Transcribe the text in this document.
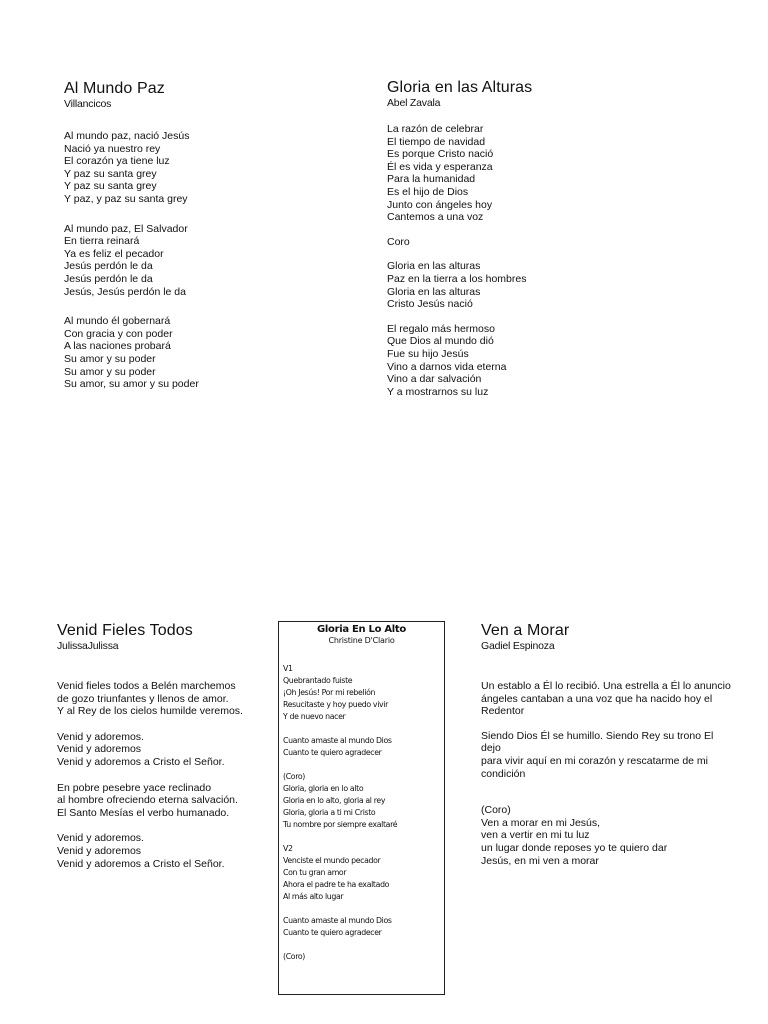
Al Mundo Paz

Villancicos

Al mundo paz, nació Jesús
Nació ya nuestro rey
El corazón ya tiene luz
Y paz su santa grey
Y paz su santa grey
Y paz, y paz su santa grey

Al mundo paz, El Salvador
En tierra reinará
Ya es feliz el pecador
Jesús perdón le da
Jesús perdón le da
Jesús, Jesús perdón le da

Al mundo él gobernará
Con gracia y con poder
A las naciones probará
Su amor y su poder
Su amor y su poder
Su amor, su amor y su poder

Gloria en las Alturas

Abel Zavala

La razón de celebrar
El tiempo de navidad
Es porque Cristo nació
Él es vida y esperanza
Para la humanidad
Es el hijo de Dios
Junto con ángeles hoy
Cantemos a una voz

Coro

Gloria en las alturas
Paz en la tierra a los hombres
Gloria en las alturas
Cristo Jesús nació

El regalo más hermoso
Que Dios al mundo dió
Fue su hijo Jesús
Vino a darnos vida eterna
Vino a dar salvación
Y a mostrarnos su luz

Venid Fieles Todos

JulissaJulissa

Venid fieles todos a Belén marchemos
de gozo triunfantes y llenos de amor.
Y al Rey de los cielos humilde veremos.

Venid y adoremos.
Venid y adoremos
Venid y adoremos a Cristo el Señor.

En pobre pesebre yace reclinado
al hombre ofreciendo eterna salvación.
El Santo Mesías el verbo humanado.

Venid y adoremos.
Venid y adoremos
Venid y adoremos a Cristo el Señor.

Gloria En Lo Alto

Christine D'Clario

V1
Quebrantado fuiste
¡Oh Jesús! Por mi rebelión
Resucitaste y hoy puedo vivir
Y de nuevo nacer

Cuanto amaste al mundo Dios
Cuanto te quiero agradecer

(Coro)
Gloria, gloria en lo alto
Gloria en lo alto, gloria al rey
Gloria, gloria a ti mi Cristo
Tu nombre por siempre exaltaré

V2
Venciste el mundo pecador
Con tu gran amor
Ahora el padre te ha exaltado
Al más alto lugar

Cuanto amaste al mundo Dios
Cuanto te quiero agradecer

(Coro)

Ven a Morar

Gadiel Espinoza

Un establo a Él lo recibió. Una estrella a Él lo anuncio
ángeles cantaban a una voz que ha nacido hoy el Redentor

Siendo Dios Él se humillo. Siendo Rey su trono El dejo
para vivir aquí en mi corazón y rescatarme de mi condición

(Coro)
Ven a morar en mi Jesús,
ven a vertir en mi tu luz
un lugar donde reposes yo te quiero dar
Jesús, en mi ven a morar
